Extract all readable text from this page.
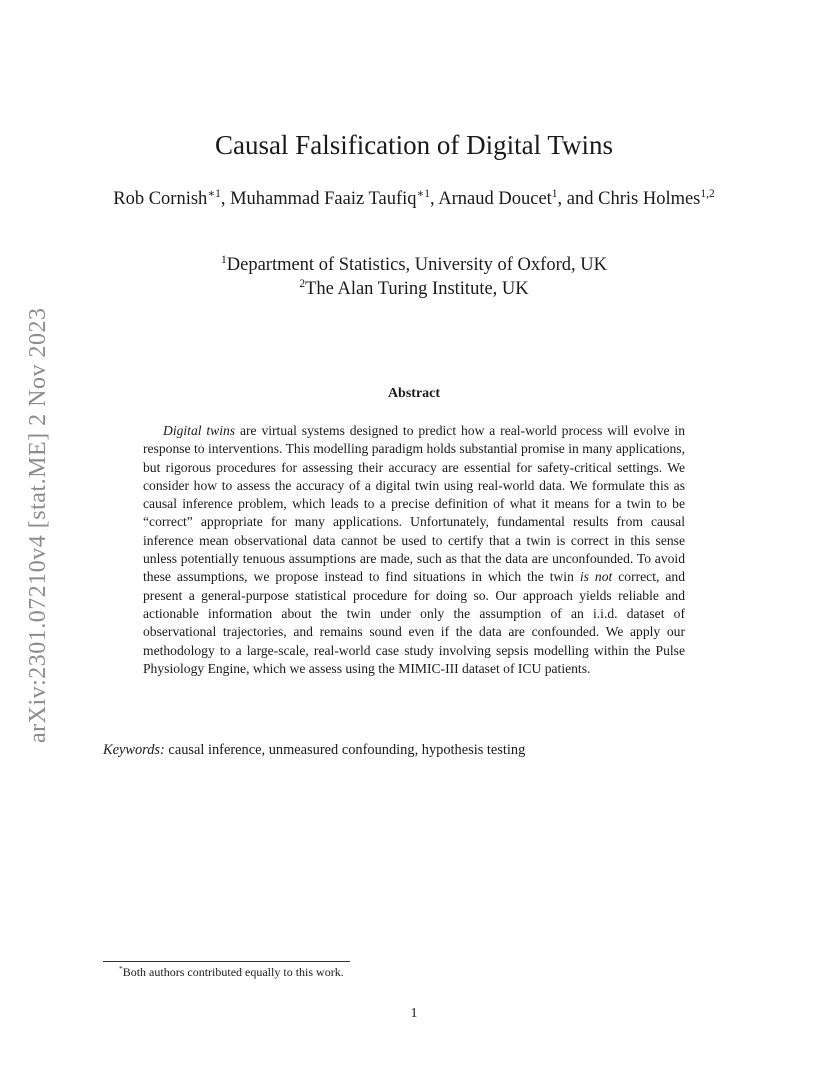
arXiv:2301.07210v4 [stat.ME] 2 Nov 2023
Causal Falsification of Digital Twins
Rob Cornish$^{∗1}$, Muhammad Faaiz Taufiq$^{∗1}$, Arnaud Doucet$^1$, and Chris Holmes$^{1,2}$
$^1$Department of Statistics, University of Oxford, UK
$^2$The Alan Turing Institute, UK
Abstract

Digital twins are virtual systems designed to predict how a real-world process will evolve in response to interventions. This modelling paradigm holds substantial promise in many applications, but rigorous procedures for assessing their accuracy are essential for safety-critical settings. We consider how to assess the accuracy of a digital twin using real-world data. We formulate this as causal inference problem, which leads to a precise definition of what it means for a twin to be “correct” appropriate for many applications. Unfortunately, fundamental results from causal inference mean observational data cannot be used to certify that a twin is correct in this sense unless potentially tenuous assumptions are made, such as that the data are unconfounded. To avoid these assumptions, we propose instead to find situations in which the twin is not correct, and present a general-purpose statistical procedure for doing so. Our approach yields reliable and actionable information about the twin under only the assumption of an i.i.d. dataset of observational trajectories, and remains sound even if the data are confounded. We apply our methodology to a large-scale, real-world case study involving sepsis modelling within the Pulse Physiology Engine, which we assess using the MIMIC-III dataset of ICU patients.

Keywords: causal inference, unmeasured confounding, hypothesis testing
*Both authors contributed equally to this work.
1
